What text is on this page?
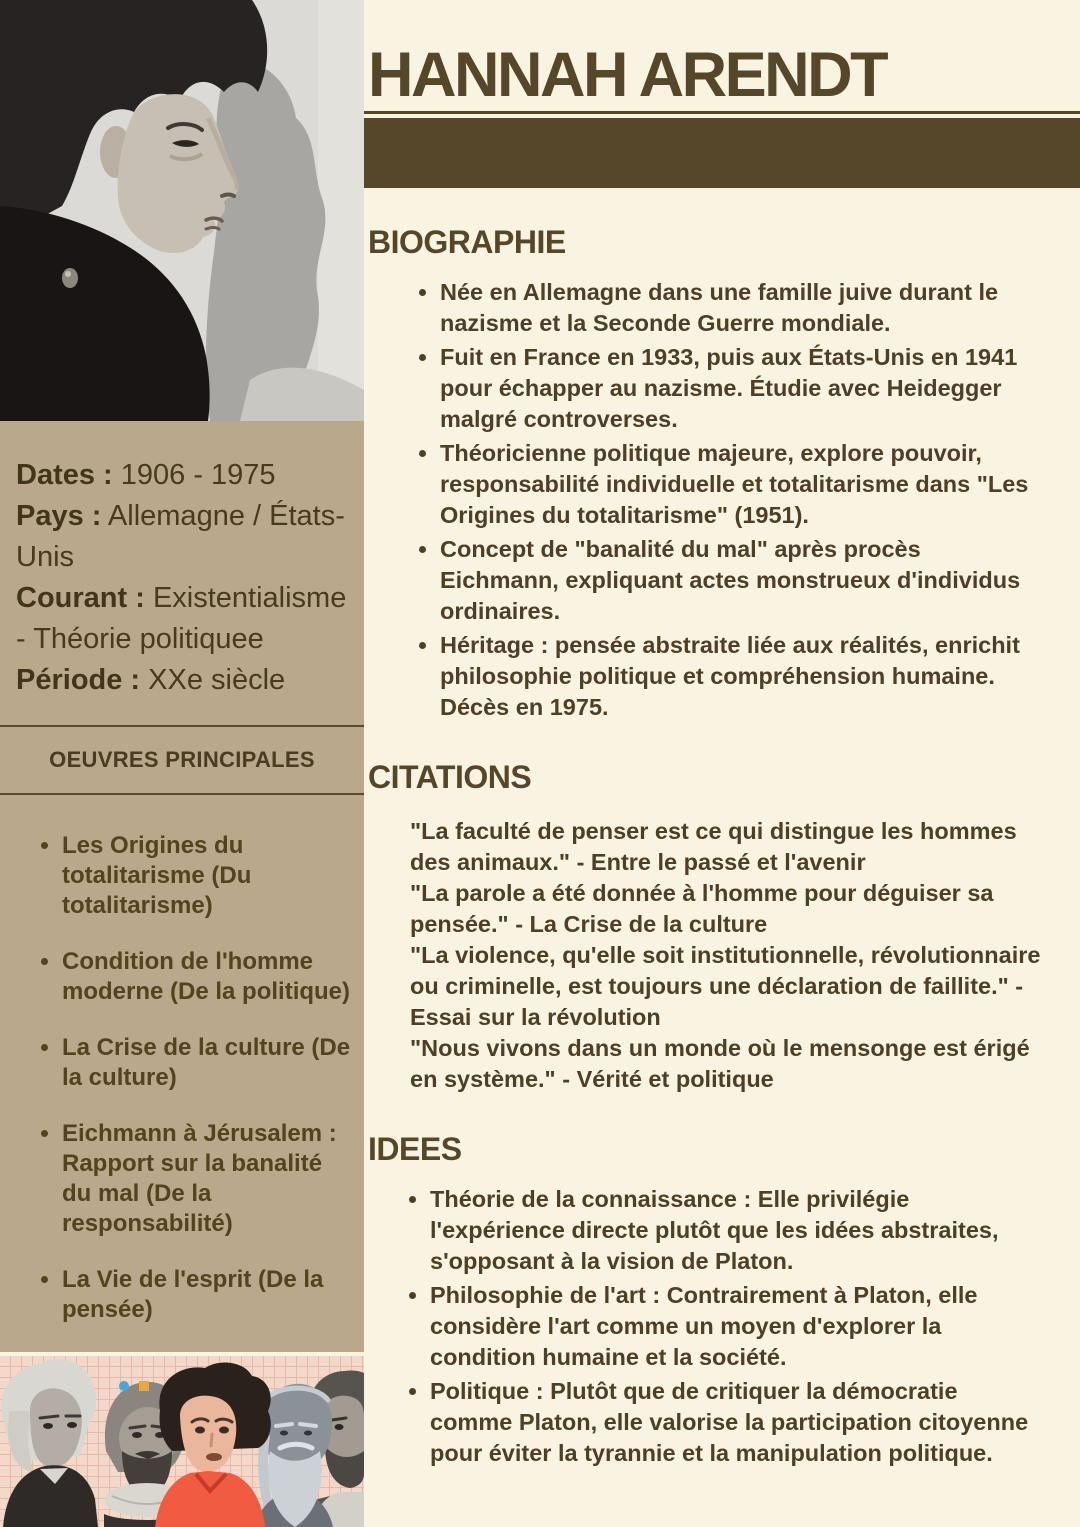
Dates : 1906 - 1975
Pays : Allemagne / États-Unis
Courant : Existentialisme - Théorie politiquee
Période : XXe siècle
OEUVRES PRINCIPALES
• Les Origines du totalitarisme (Du totalitarisme)
• Condition de l'homme moderne (De la politique)
• La Crise de la culture (De la culture)
• Eichmann à Jérusalem : Rapport sur la banalité du mal (De la responsabilité)
• La Vie de l'esprit (De la pensée)
HANNAH ARENDT
BIOGRAPHIE
• Née en Allemagne dans une famille juive durant le nazisme et la Seconde Guerre mondiale.
• Fuit en France en 1933, puis aux États-Unis en 1941 pour échapper au nazisme. Étudie avec Heidegger malgré controverses.
• Théoricienne politique majeure, explore pouvoir, responsabilité individuelle et totalitarisme dans "Les Origines du totalitarisme" (1951).
• Concept de "banalité du mal" après procès Eichmann, expliquant actes monstrueux d'individus ordinaires.
• Héritage : pensée abstraite liée aux réalités, enrichit philosophie politique et compréhension humaine. Décès en 1975.
CITATIONS

"La faculté de penser est ce qui distingue les hommes des animaux." - Entre le passé et l'avenir

"La parole a été donnée à l'homme pour déguiser sa pensée." - La Crise de la culture

"La violence, qu'elle soit institutionnelle, révolutionnaire ou criminelle, est toujours une déclaration de faillite." - Essai sur la révolution

"Nous vivons dans un monde où le mensonge est érigé en système." - Vérité et politique

IDEES
• Théorie de la connaissance : Elle privilégie l'expérience directe plutôt que les idées abstraites, s'opposant à la vision de Platon.
• Philosophie de l'art : Contrairement à Platon, elle considère l'art comme un moyen d'explorer la condition humaine et la société.
• Politique : Plutôt que de critiquer la démocratie comme Platon, elle valorise la participation citoyenne pour éviter la tyrannie et la manipulation politique.
